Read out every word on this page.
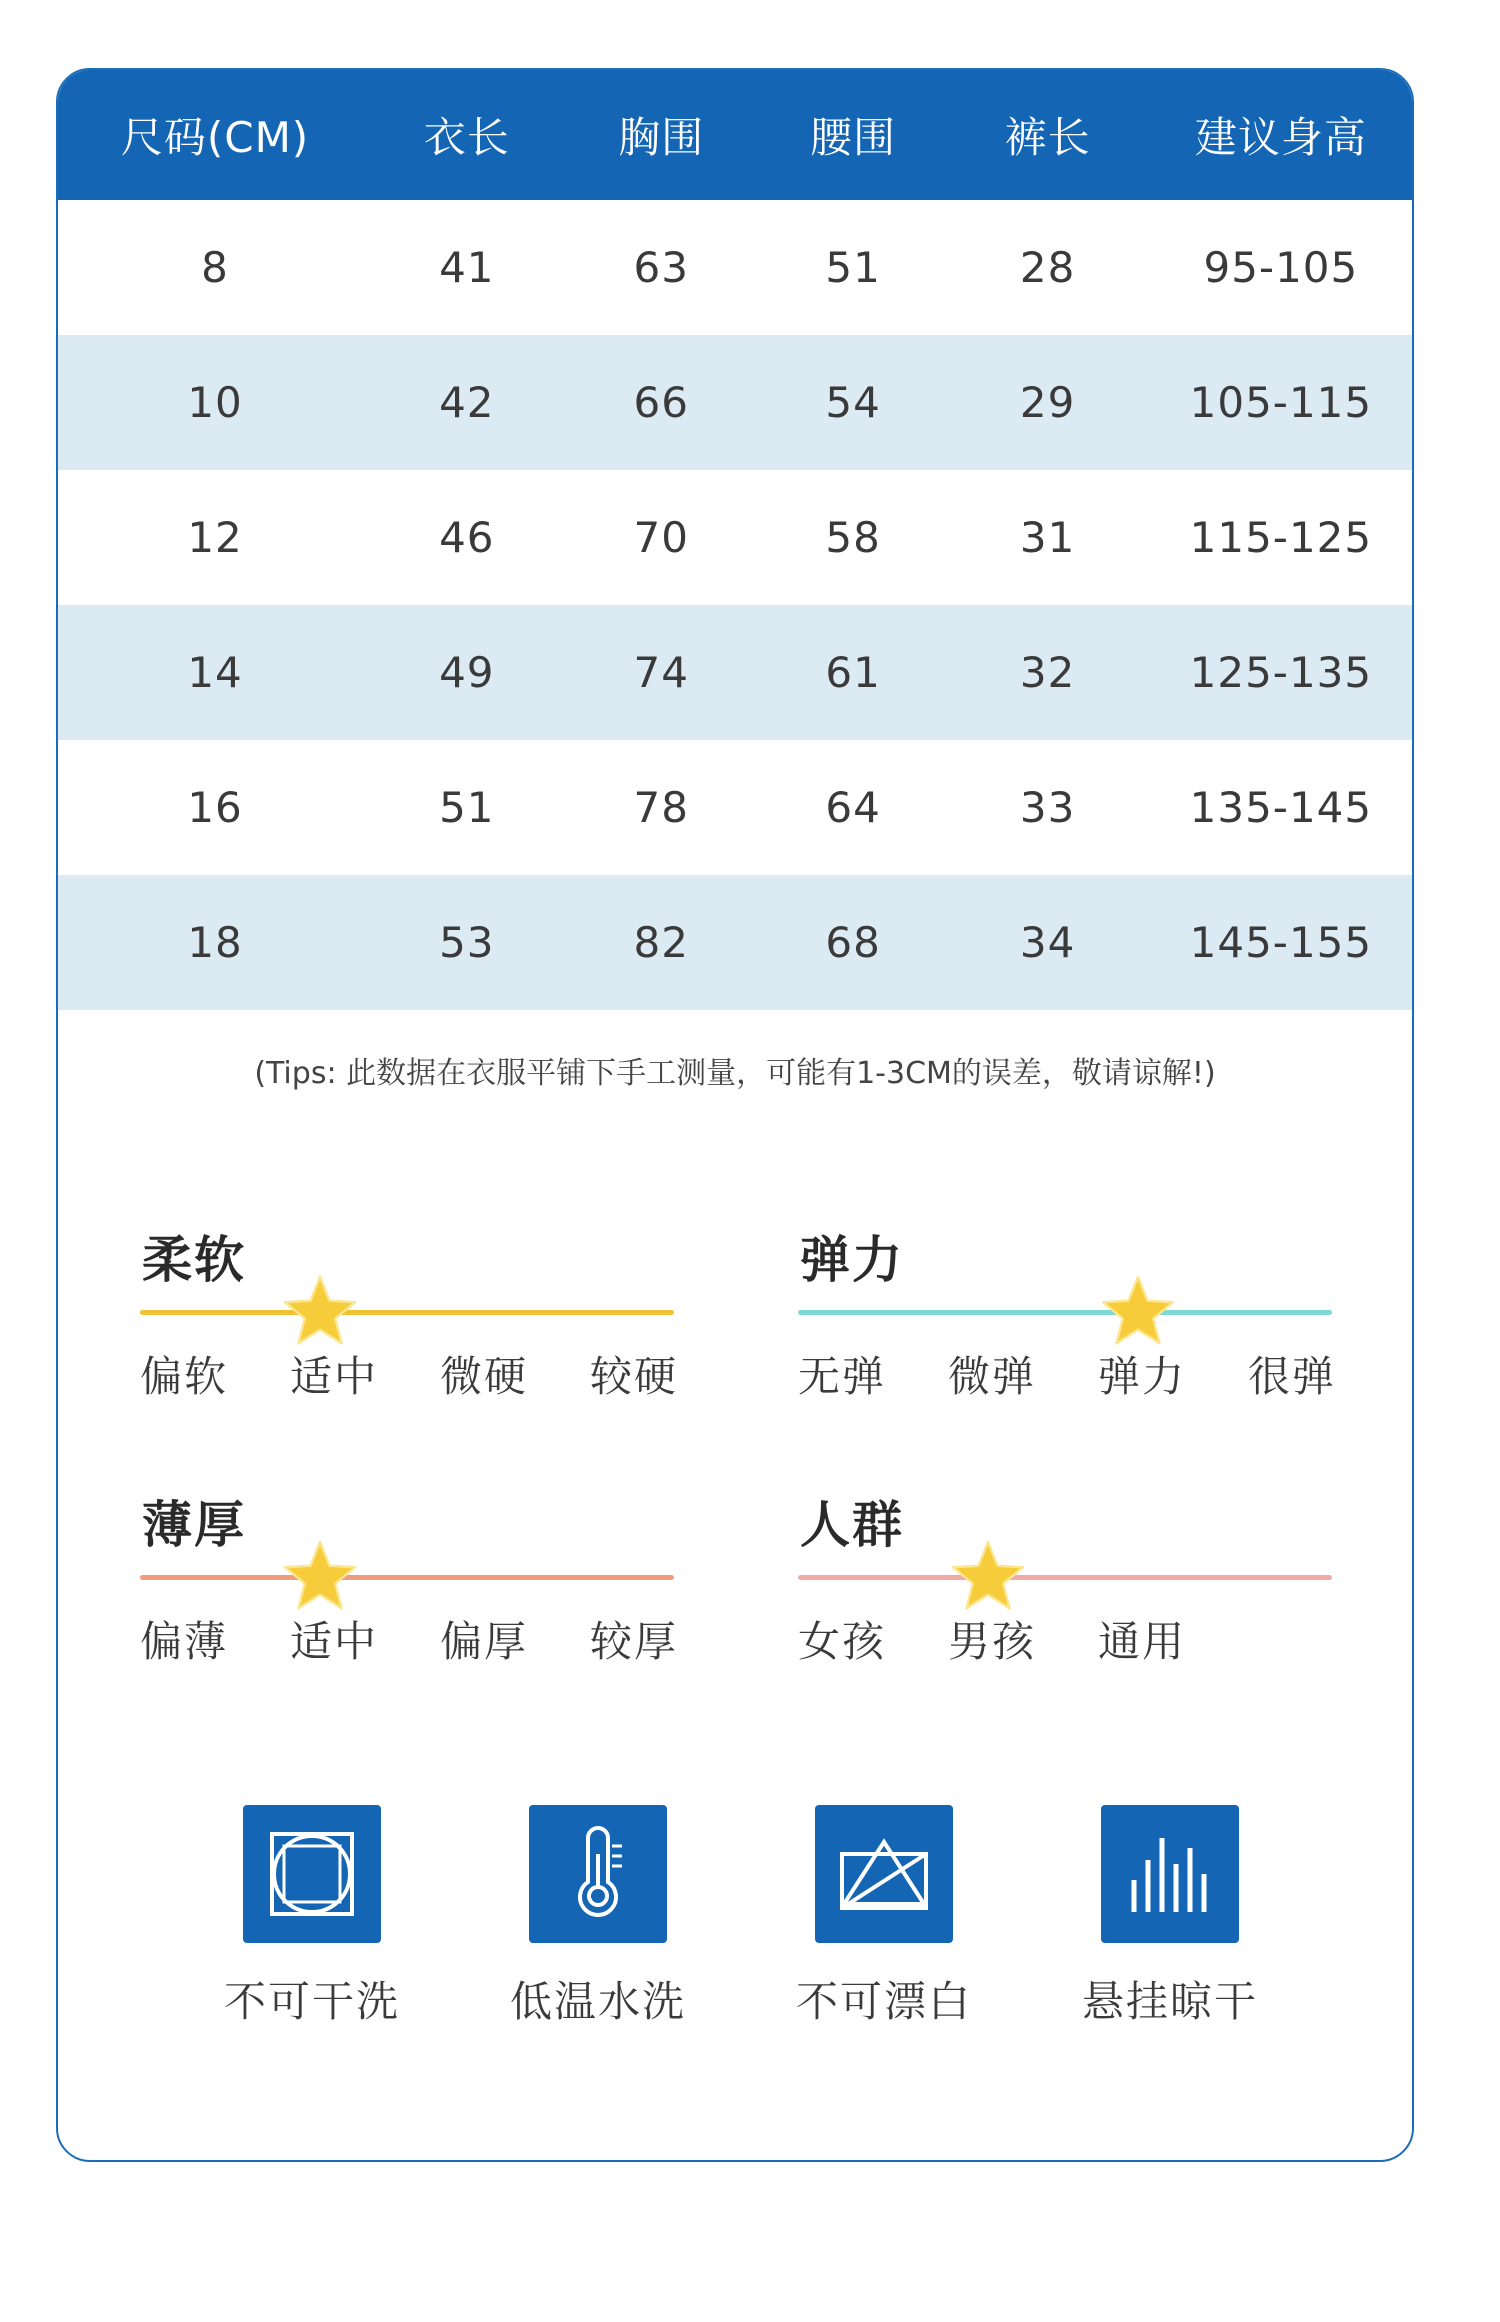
尺码(CM)	衣长	胸围	腰围	裤长	建议身高
8	41	63	51	28	95-105
10	42	66	54	29	105-115
12	46	70	58	31	115-125
14	49	74	61	32	125-135
16	51	78	64	33	135-145
18	53	82	68	34	145-155
(Tips: 此数据在衣服平铺下手工测量，可能有1-3CM的误差，敬请谅解!)
柔软
偏软 适中 微硬 较硬
弹力
无弹 微弹 弹力 很弹
薄厚
偏薄 适中 偏厚 较厚
人群
女孩 男孩 通用
不可干洗	低温水洗	不可漂白	悬挂晾干
